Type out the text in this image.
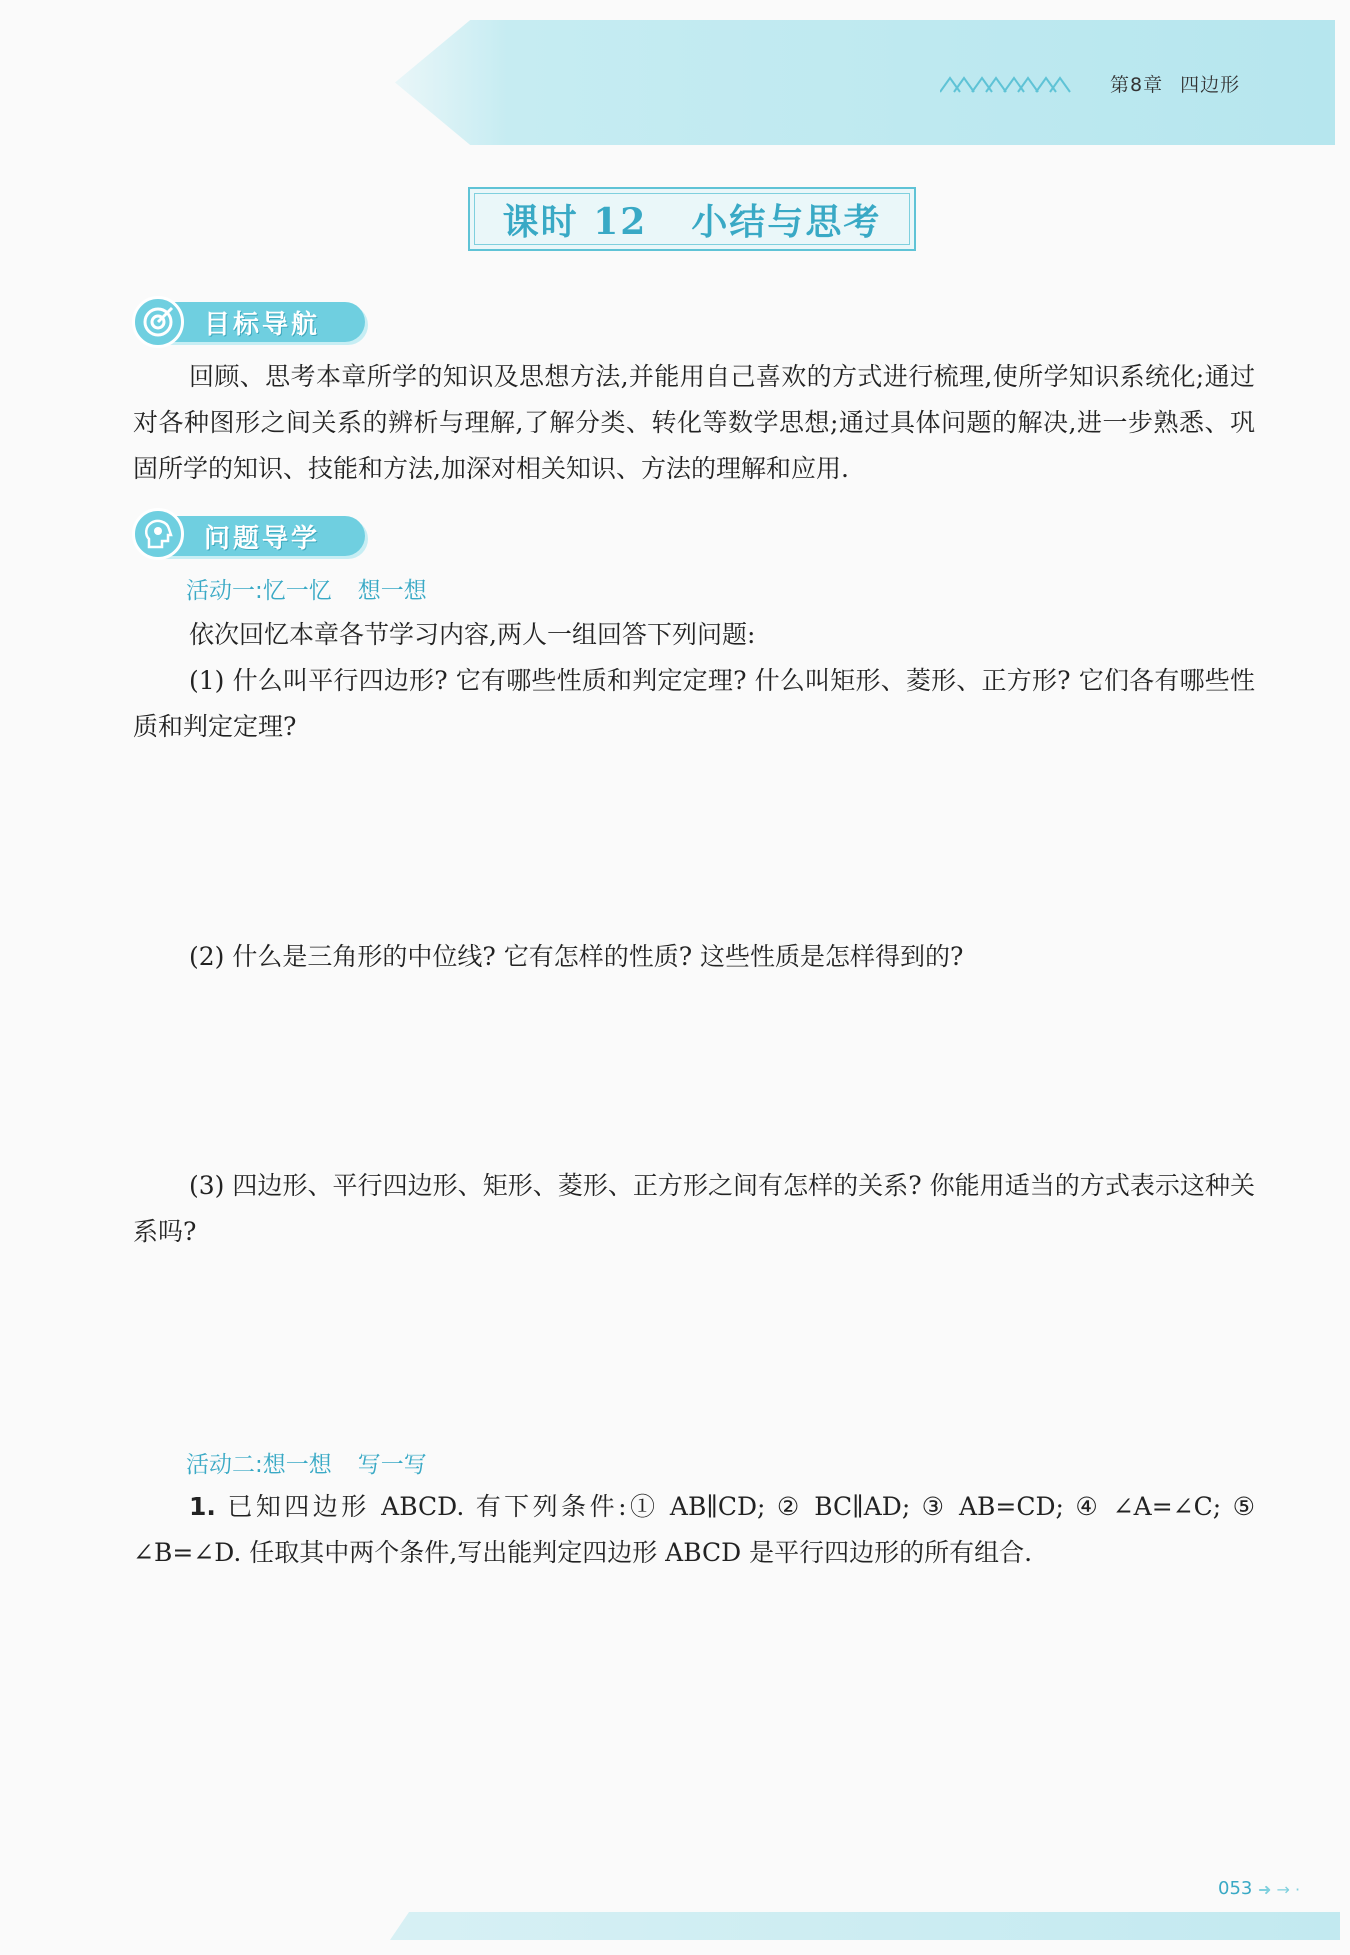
第8章 四边形
课时 12 小结与思考
目标导航
回顾、思考本章所学的知识及思想方法,并能用自己喜欢的方式进行梳理,使所学知识系统化;通过对各种图形之间关系的辨析与理解,了解分类、转化等数学思想;通过具体问题的解决,进一步熟悉、巩固所学的知识、技能和方法,加深对相关知识、方法的理解和应用.
问题导学
活动一:忆一忆 想一想
依次回忆本章各节学习内容,两人一组回答下列问题:
(1) 什么叫平行四边形? 它有哪些性质和判定定理? 什么叫矩形、菱形、正方形? 它们各有哪些性质和判定定理?
(2) 什么是三角形的中位线? 它有怎样的性质? 这些性质是怎样得到的?
(3) 四边形、平行四边形、矩形、菱形、正方形之间有怎样的关系? 你能用适当的方式表示这种关系吗?
活动二:想一想 写一写
1. 已知四边形 ABCD. 有下列条件:① AB∥CD; ② BC∥AD; ③ AB=CD; ④ ∠A=∠C; ⑤ ∠B=∠D. 任取其中两个条件,写出能判定四边形 ABCD 是平行四边形的所有组合.
053 ➜ → ·
